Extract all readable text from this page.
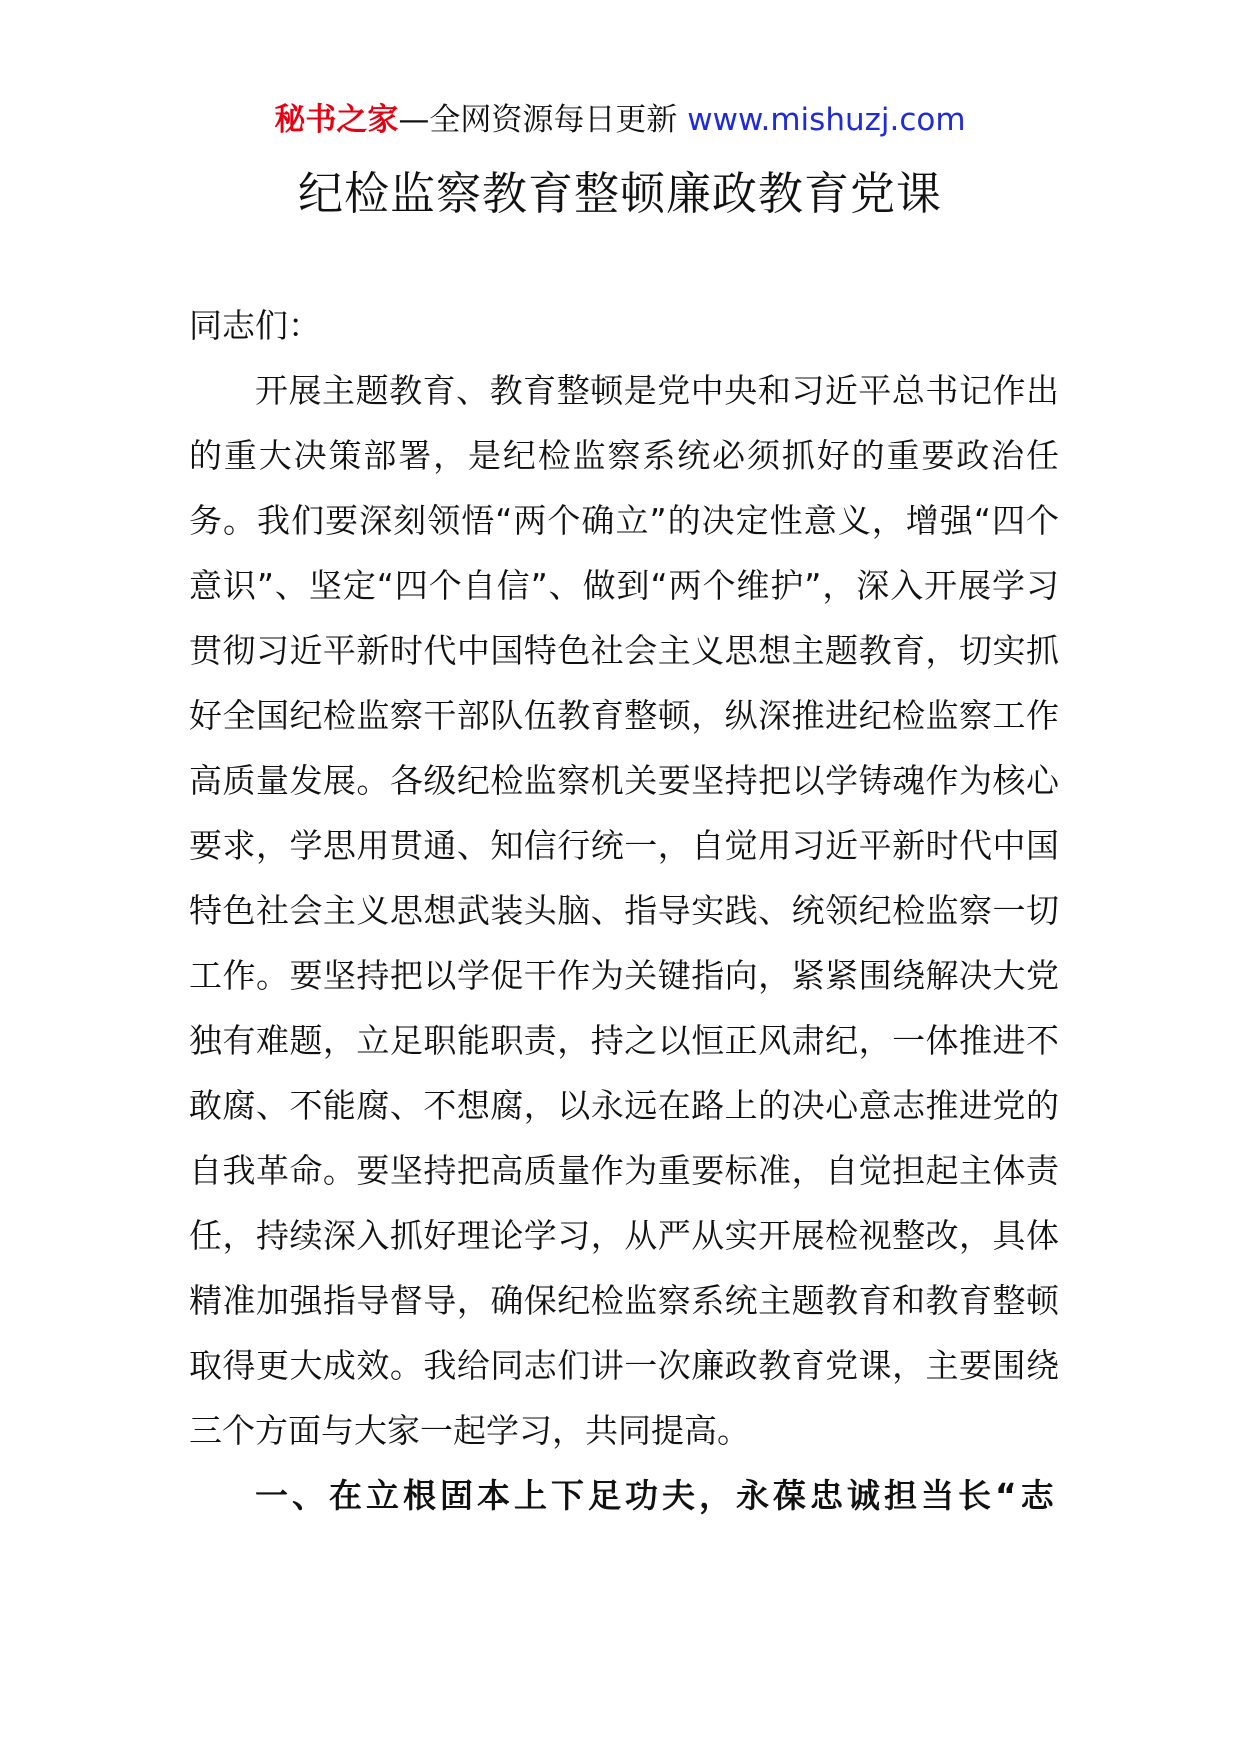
秘书之家—全网资源每日更新 www.mishuzj.com
纪检监察教育整顿廉政教育党课

同志们：

开展主题教育、教育整顿是党中央和习近平总书记作出的重大决策部署，是纪检监察系统必须抓好的重要政治任务。我们要深刻领悟“两个确立”的决定性意义，增强“四个意识”、坚定“四个自信”、做到“两个维护”，深入开展学习贯彻习近平新时代中国特色社会主义思想主题教育，切实抓好全国纪检监察干部队伍教育整顿，纵深推进纪检监察工作高质量发展。各级纪检监察机关要坚持把以学铸魂作为核心要求，学思用贯通、知信行统一，自觉用习近平新时代中国特色社会主义思想武装头脑、指导实践、统领纪检监察一切工作。要坚持把以学促干作为关键指向，紧紧围绕解决大党独有难题，立足职能职责，持之以恒正风肃纪，一体推进不敢腐、不能腐、不想腐，以永远在路上的决心意志推进党的自我革命。要坚持把高质量作为重要标准，自觉担起主体责任，持续深入抓好理论学习，从严从实开展检视整改，具体精准加强指导督导，确保纪检监察系统主题教育和教育整顿取得更大成效。我给同志们讲一次廉政教育党课，主要围绕三个方面与大家一起学习，共同提高。

一、在立根固本上下足功夫，永葆忠诚担当长“志
